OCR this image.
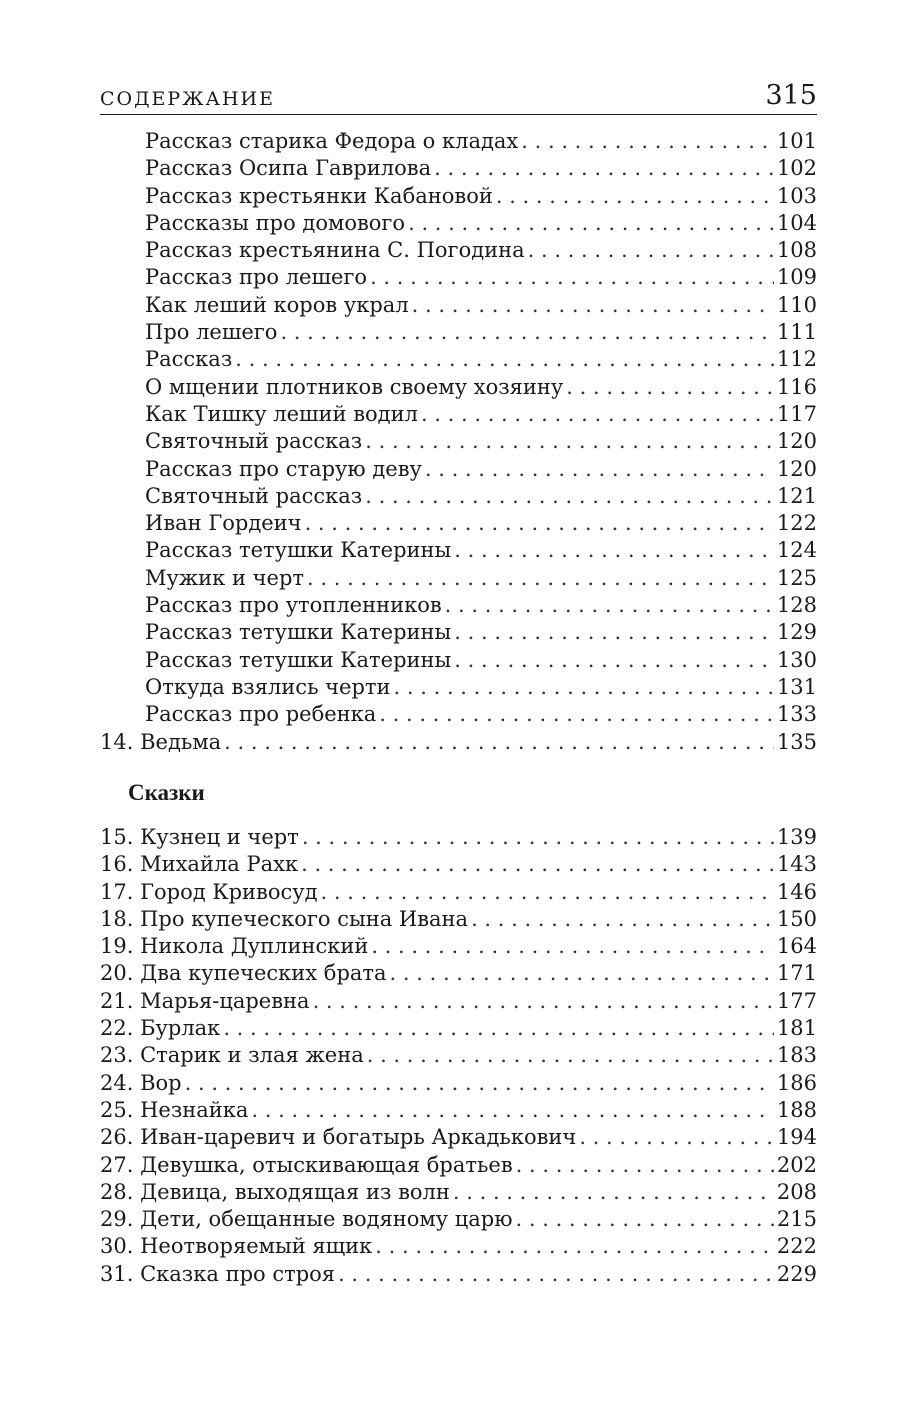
СОДЕРЖАНИЕ	315
Рассказ старика Федора о кладах . . .	101
Рассказ Осипа Гаврилова . . .	102
Рассказ крестьянки Кабановой . . .	103
Рассказы про домового . . .	104
Рассказ крестьянина С. Погодина . . .	108
Рассказ про лешего . . .	109
Как леший коров украл . . .	110
Про лешего . . .	111
Рассказ . . .	112
О мщении плотников своему хозяину . . .	116
Как Тишку леший водил . . .	117
Святочный рассказ . . .	120
Рассказ про старую деву . . .	120
Святочный рассказ . . .	121
Иван Гордеич . . .	122
Рассказ тетушки Катерины . . .	124
Мужик и черт . . .	125
Рассказ про утопленников . . .	128
Рассказ тетушки Катерины . . .	129
Рассказ тетушки Катерины . . .	130
Откуда взялись черти . . .	131
Рассказ про ребенка . . .	133
14. Ведьма . . .	135
Сказки
15. Кузнец и черт . . .	139
16. Михайла Рахк . . .	143
17. Город Кривосуд . . .	146
18. Про купеческого сына Ивана . . .	150
19. Никола Дуплинский . . .	164
20. Два купеческих брата . . .	171
21. Марья-царевна . . .	177
22. Бурлак . . .	181
23. Старик и злая жена . . .	183
24. Вор . . .	186
25. Незнайка . . .	188
26. Иван-царевич и богатырь Аркадькович . . .	194
27. Девушка, отыскивающая братьев . . .	202
28. Девица, выходящая из волн . . .	208
29. Дети, обещанные водяному царю . . .	215
30. Неотворяемый ящик . . .	222
31. Сказка про строя . . .	229
